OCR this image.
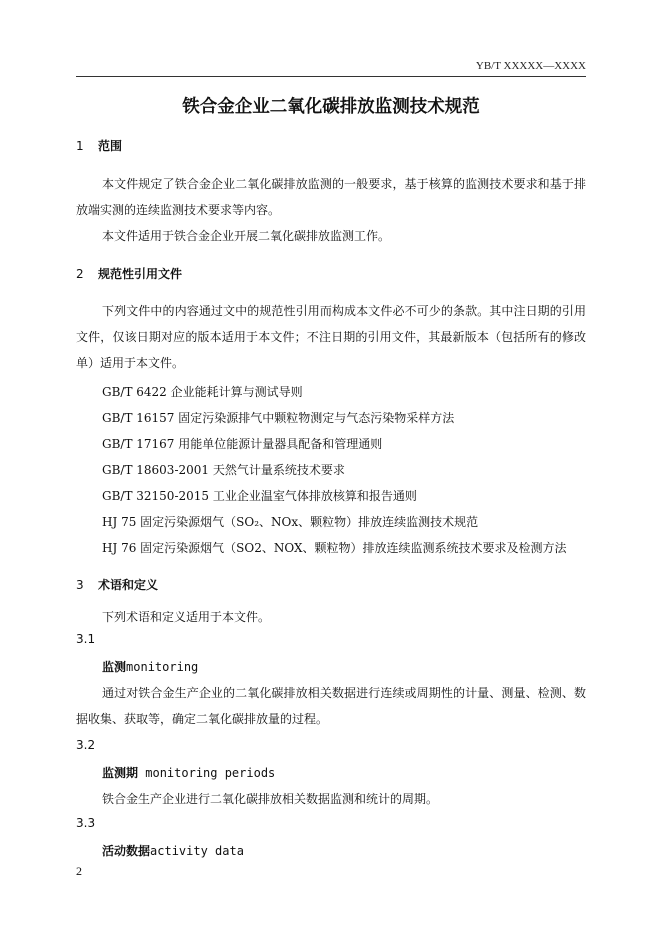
YB/T XXXXX—XXXX
铁合金企业二氧化碳排放监测技术规范
1 范围
本文件规定了铁合金企业二氧化碳排放监测的一般要求，基于核算的监测技术要求和基于排放端实测的连续监测技术要求等内容。
本文件适用于铁合金企业开展二氧化碳排放监测工作。
2 规范性引用文件
下列文件中的内容通过文中的规范性引用而构成本文件必不可少的条款。其中注日期的引用文件，仅该日期对应的版本适用于本文件；不注日期的引用文件，其最新版本（包括所有的修改单）适用于本文件。
GB/T 6422 企业能耗计算与测试导则
GB/T 16157 固定污染源排气中颗粒物测定与气态污染物采样方法
GB/T 17167 用能单位能源计量器具配备和管理通则
GB/T 18603-2001 天然气计量系统技术要求
GB/T 32150-2015 工业企业温室气体排放核算和报告通则
HJ 75 固定污染源烟气（SO₂、NOx、颗粒物）排放连续监测技术规范
HJ 76 固定污染源烟气（SO2、NOX、颗粒物）排放连续监测系统技术要求及检测方法
3 术语和定义
下列术语和定义适用于本文件。
3.1
监测monitoring
通过对铁合金生产企业的二氧化碳排放相关数据进行连续或周期性的计量、测量、检测、数据收集、获取等，确定二氧化碳排放量的过程。
3.2
监测期 monitoring periods
铁合金生产企业进行二氧化碳排放相关数据监测和统计的周期。
3.3
活动数据activity data
2
